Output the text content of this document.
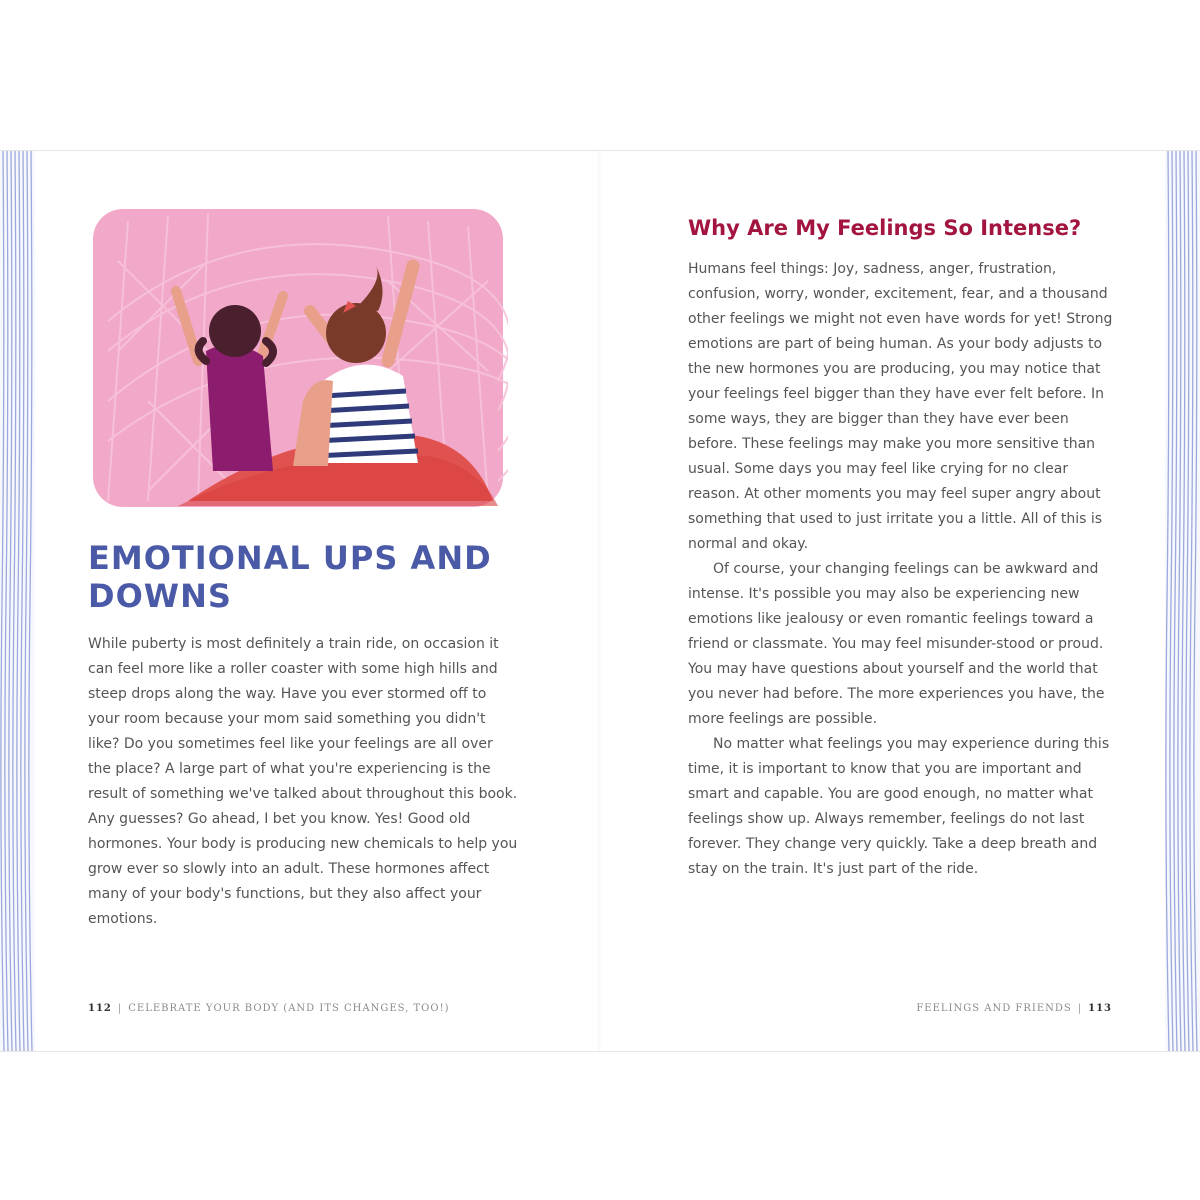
EMOTIONAL UPS AND DOWNS

While puberty is most definitely a train ride, on occasion it can feel more like a roller coaster with some high hills and steep drops along the way. Have you ever stormed off to your room because your mom said something you didn't like? Do you sometimes feel like your feelings are all over the place? A large part of what you're experiencing is the result of something we've talked about throughout this book. Any guesses? Go ahead, I bet you know. Yes! Good old hormones. Your body is producing new chemicals to help you grow ever so slowly into an adult. These hormones affect many of your body's functions, but they also affect your emotions.

112 | CELEBRATE YOUR BODY (AND ITS CHANGES, TOO!)
Why Are My Feelings So Intense?

Humans feel things: Joy, sadness, anger, frustration, confusion, worry, wonder, excitement, fear, and a thousand other feelings we might not even have words for yet! Strong emotions are part of being human. As your body adjusts to the new hormones you are producing, you may notice that your feelings feel bigger than they have ever felt before. In some ways, they are bigger than they have ever been before. These feelings may make you more sensitive than usual. Some days you may feel like crying for no clear reason. At other moments you may feel super angry about something that used to just irritate you a little. All of this is normal and okay.

Of course, your changing feelings can be awkward and intense. It's possible you may also be experiencing new emotions like jealousy or even romantic feelings toward a friend or classmate. You may feel misunder-stood or proud. You may have questions about yourself and the world that you never had before. The more experiences you have, the more feelings are possible.

No matter what feelings you may experience during this time, it is important to know that you are important and smart and capable. You are good enough, no matter what feelings show up. Always remember, feelings do not last forever. They change very quickly. Take a deep breath and stay on the train. It's just part of the ride.

FEELINGS AND FRIENDS | 113
